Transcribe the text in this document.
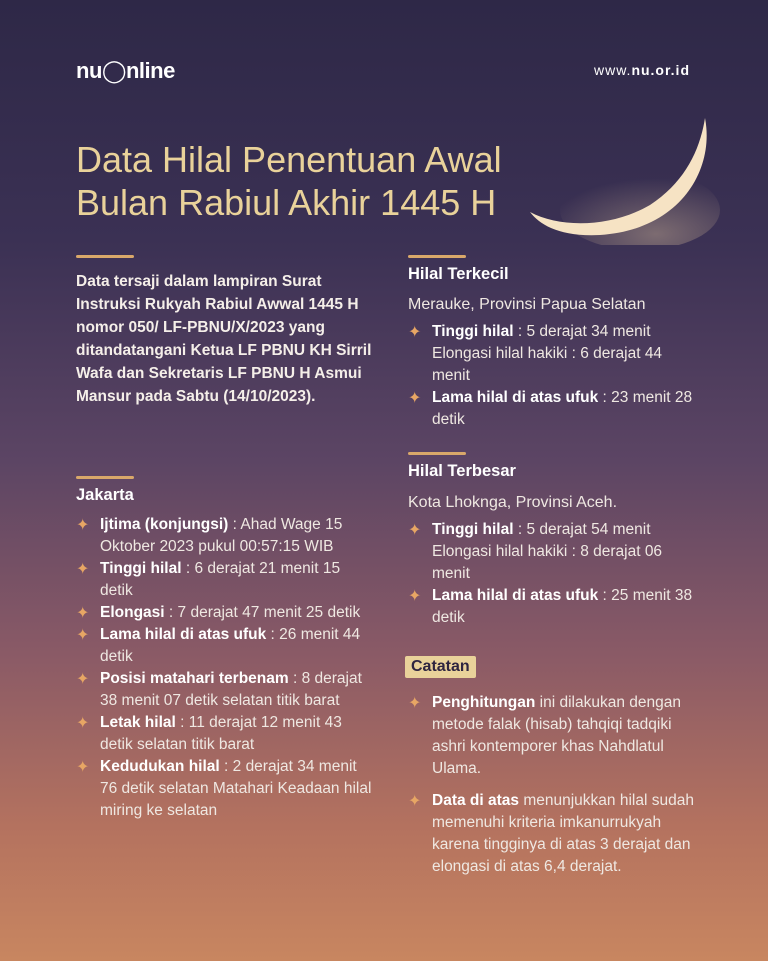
nu◯nline	www.nu.or.id
Data Hilal Penentuan Awal Bulan Rabiul Akhir 1445 H
Data tersaji dalam lampiran Surat Instruksi Rukyah Rabiul Awwal 1445 H nomor 050/ LF-PBNU/X/2023 yang ditandatangani Ketua LF PBNU KH Sirril Wafa dan Sekretaris LF PBNU H Asmui Mansur pada Sabtu (14/10/2023).
Jakarta
✦ Ijtima (konjungsi) : Ahad Wage 15 Oktober 2023 pukul 00:57:15 WIB
✦ Tinggi hilal : 6 derajat 21 menit 15 detik
✦ Elongasi : 7 derajat 47 menit 25 detik
✦ Lama hilal di atas ufuk : 26 menit 44 detik
✦ Posisi matahari terbenam : 8 derajat 38 menit 07 detik selatan titik barat
✦ Letak hilal : 11 derajat 12 menit 43 detik selatan titik barat
✦ Kedudukan hilal : 2 derajat 34 menit 76 detik selatan Matahari Keadaan hilal miring ke selatan
Hilal Terkecil
Merauke, Provinsi Papua Selatan
✦ Tinggi hilal : 5 derajat 34 menit Elongasi hilal hakiki : 6 derajat 44 menit
✦ Lama hilal di atas ufuk : 23 menit 28 detik
Hilal Terbesar
Kota Lhoknga, Provinsi Aceh.
✦ Tinggi hilal : 5 derajat 54 menit Elongasi hilal hakiki : 8 derajat 06 menit
✦ Lama hilal di atas ufuk : 25 menit 38 detik
Catatan
✦ Penghitungan ini dilakukan dengan metode falak (hisab) tahqiqi tadqiki ashri kontemporer khas Nahdlatul Ulama.
✦ Data di atas menunjukkan hilal sudah memenuhi kriteria imkanurrukyah karena tingginya di atas 3 derajat dan elongasi di atas 6,4 derajat.
